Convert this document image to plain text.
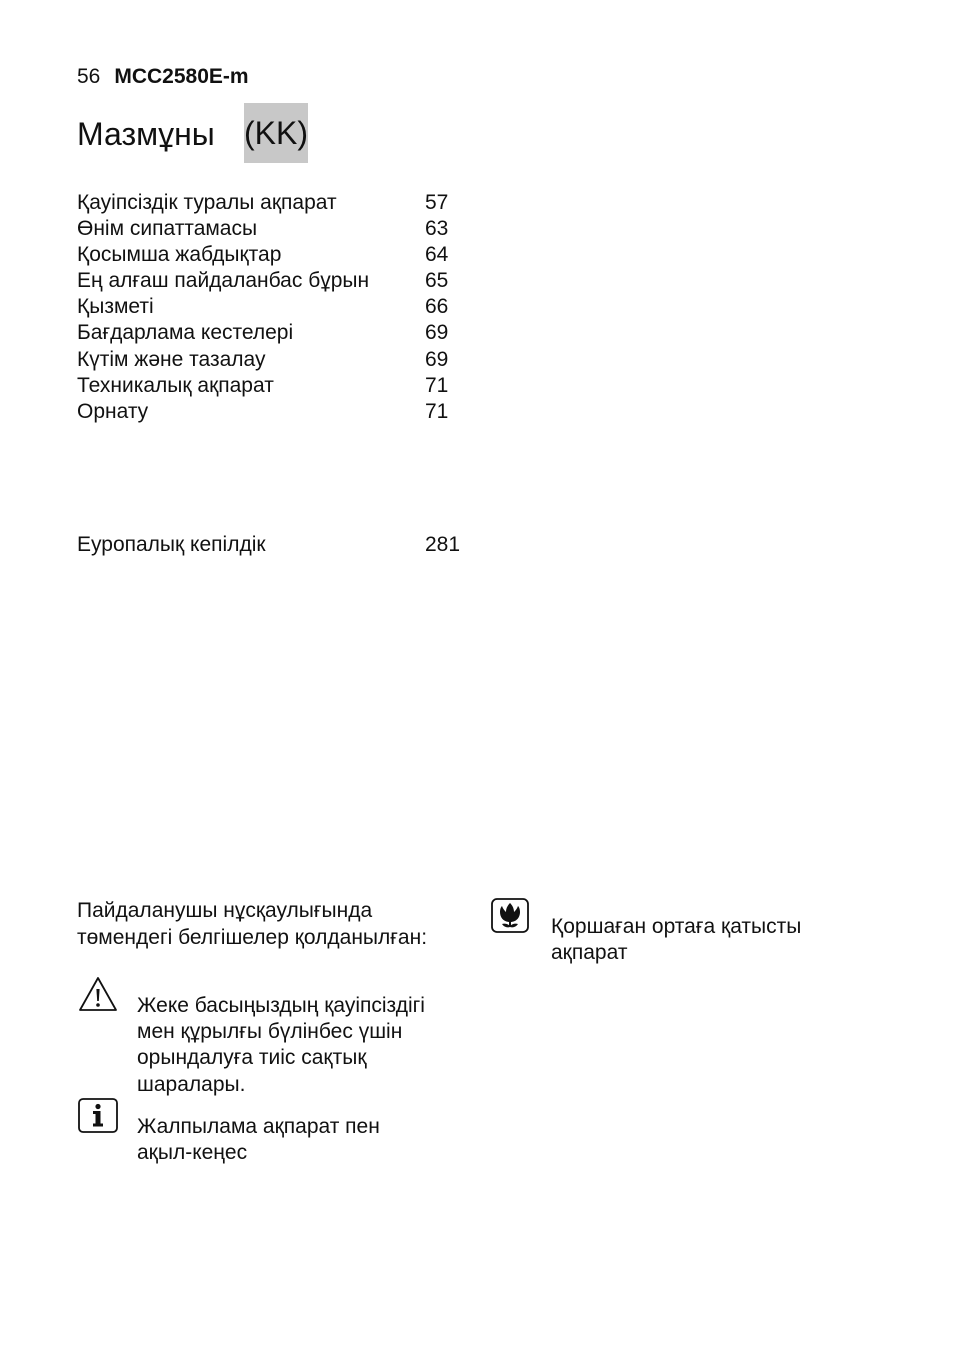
56 MCC2580E-m
Мазмұны (KK)
Қауіпсіздік туралы ақпарат	57
Өнім сипаттамасы	63
Қосымша жабдықтар	64
Ең алғаш пайдаланбас бұрын	65
Қызметі	66
Бағдарлама кестелері	69
Күтім және тазалау	69
Техникалық ақпарат	71
Орнату	71
Еуропалық кепілдік	281
Пайдаланушы нұсқаулығында
төмендегі белгішелер қолданылған:
Жеке басыңыздың қауіпсіздігі
мен құрылғы бүлінбес үшін
орындалуға тиіс сақтық
шаралары.
Жалпылама ақпарат пен
ақыл-кеңес
Қоршаған ортаға қатысты
ақпарат
